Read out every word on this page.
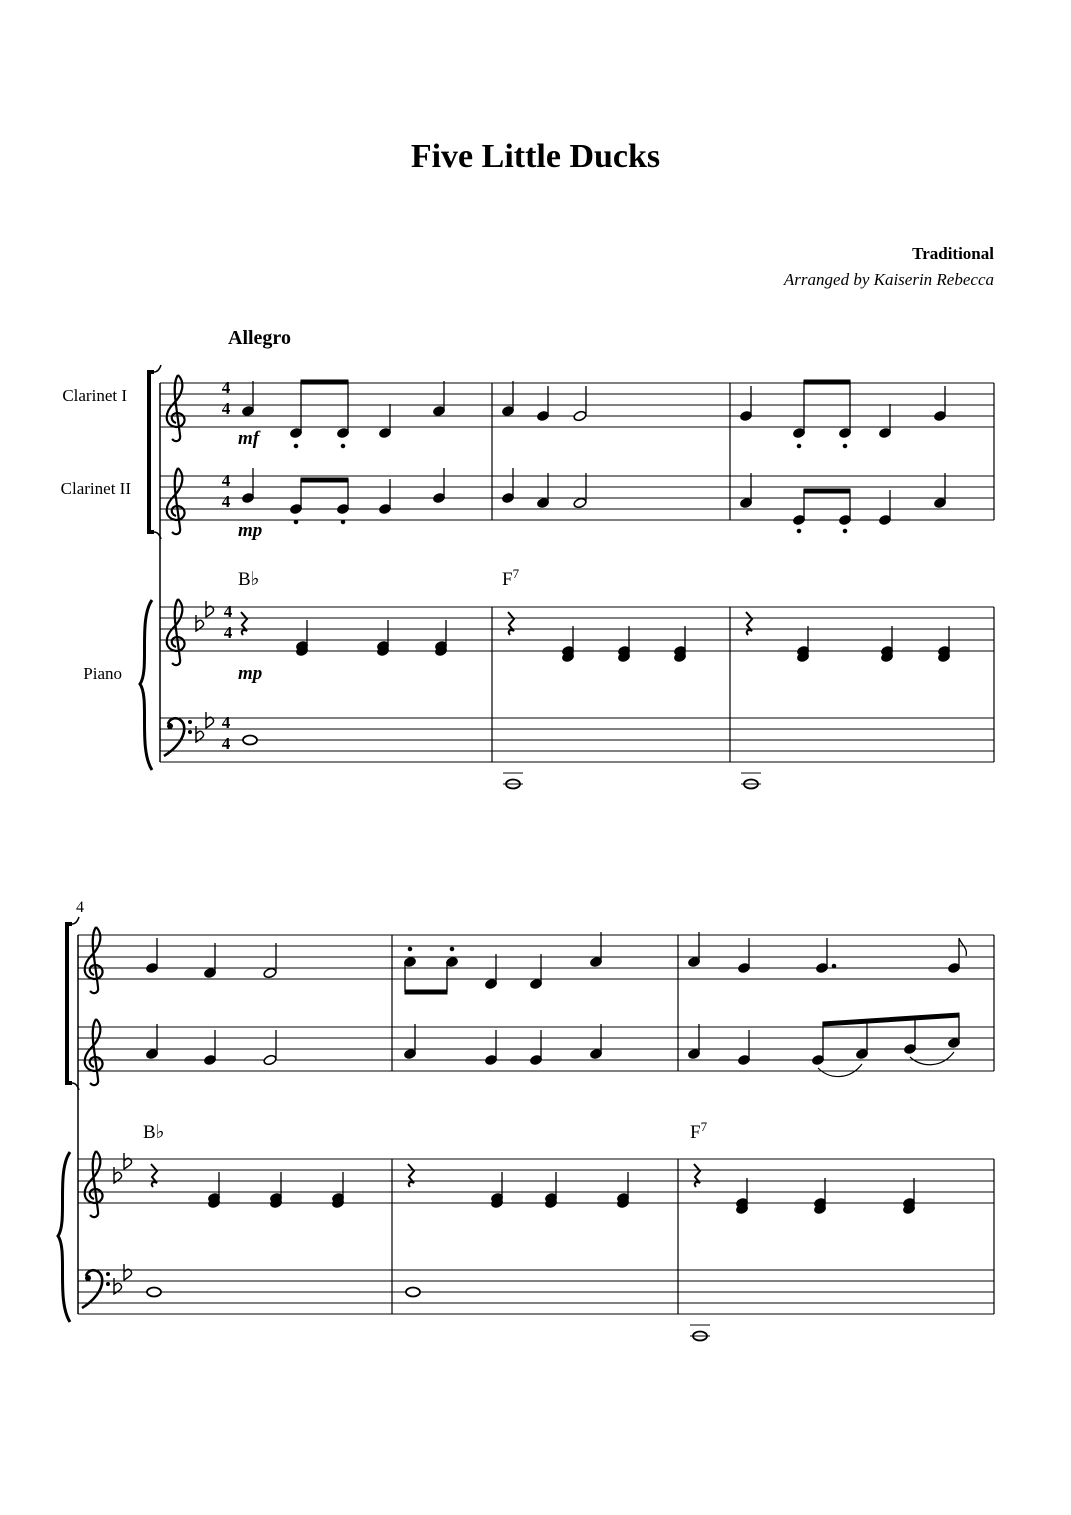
Five Little Ducks
Traditional
Arranged by Kaiserin Rebecca
Allegro
Clarinet I
Clarinet II
Piano
4
4
4
4
4
4
4
4
mf
mp
mp
B♭	$F^7$
4
B♭	$F^7$
